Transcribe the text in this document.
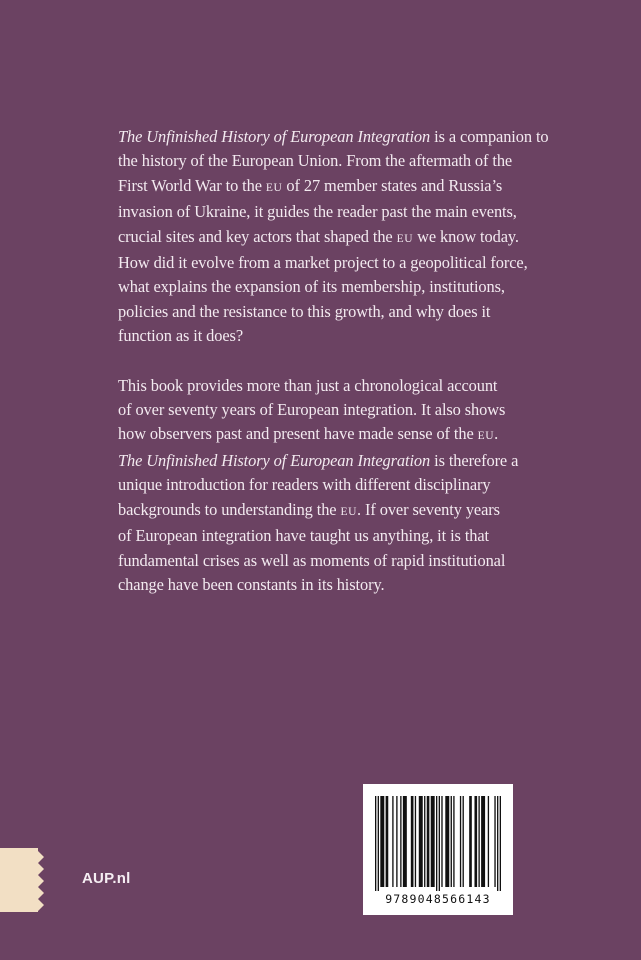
The Unfinished History of European Integration is a companion to
the history of the European Union. From the aftermath of the
First World War to the EU of 27 member states and Russia’s
invasion of Ukraine, it guides the reader past the main events,
crucial sites and key actors that shaped the EU we know today.
How did it evolve from a market project to a geopolitical force,
what explains the expansion of its membership, institutions,
policies and the resistance to this growth, and why does it
function as it does?

This book provides more than just a chronological account
of over seventy years of European integration. It also shows
how observers past and present have made sense of the EU.
The Unfinished History of European Integration is therefore a
unique introduction for readers with different disciplinary
backgrounds to understanding the EU. If over seventy years
of European integration have taught us anything, it is that
fundamental crises as well as moments of rapid institutional
change have been constants in its history.

AUP.nl
9789048566143
